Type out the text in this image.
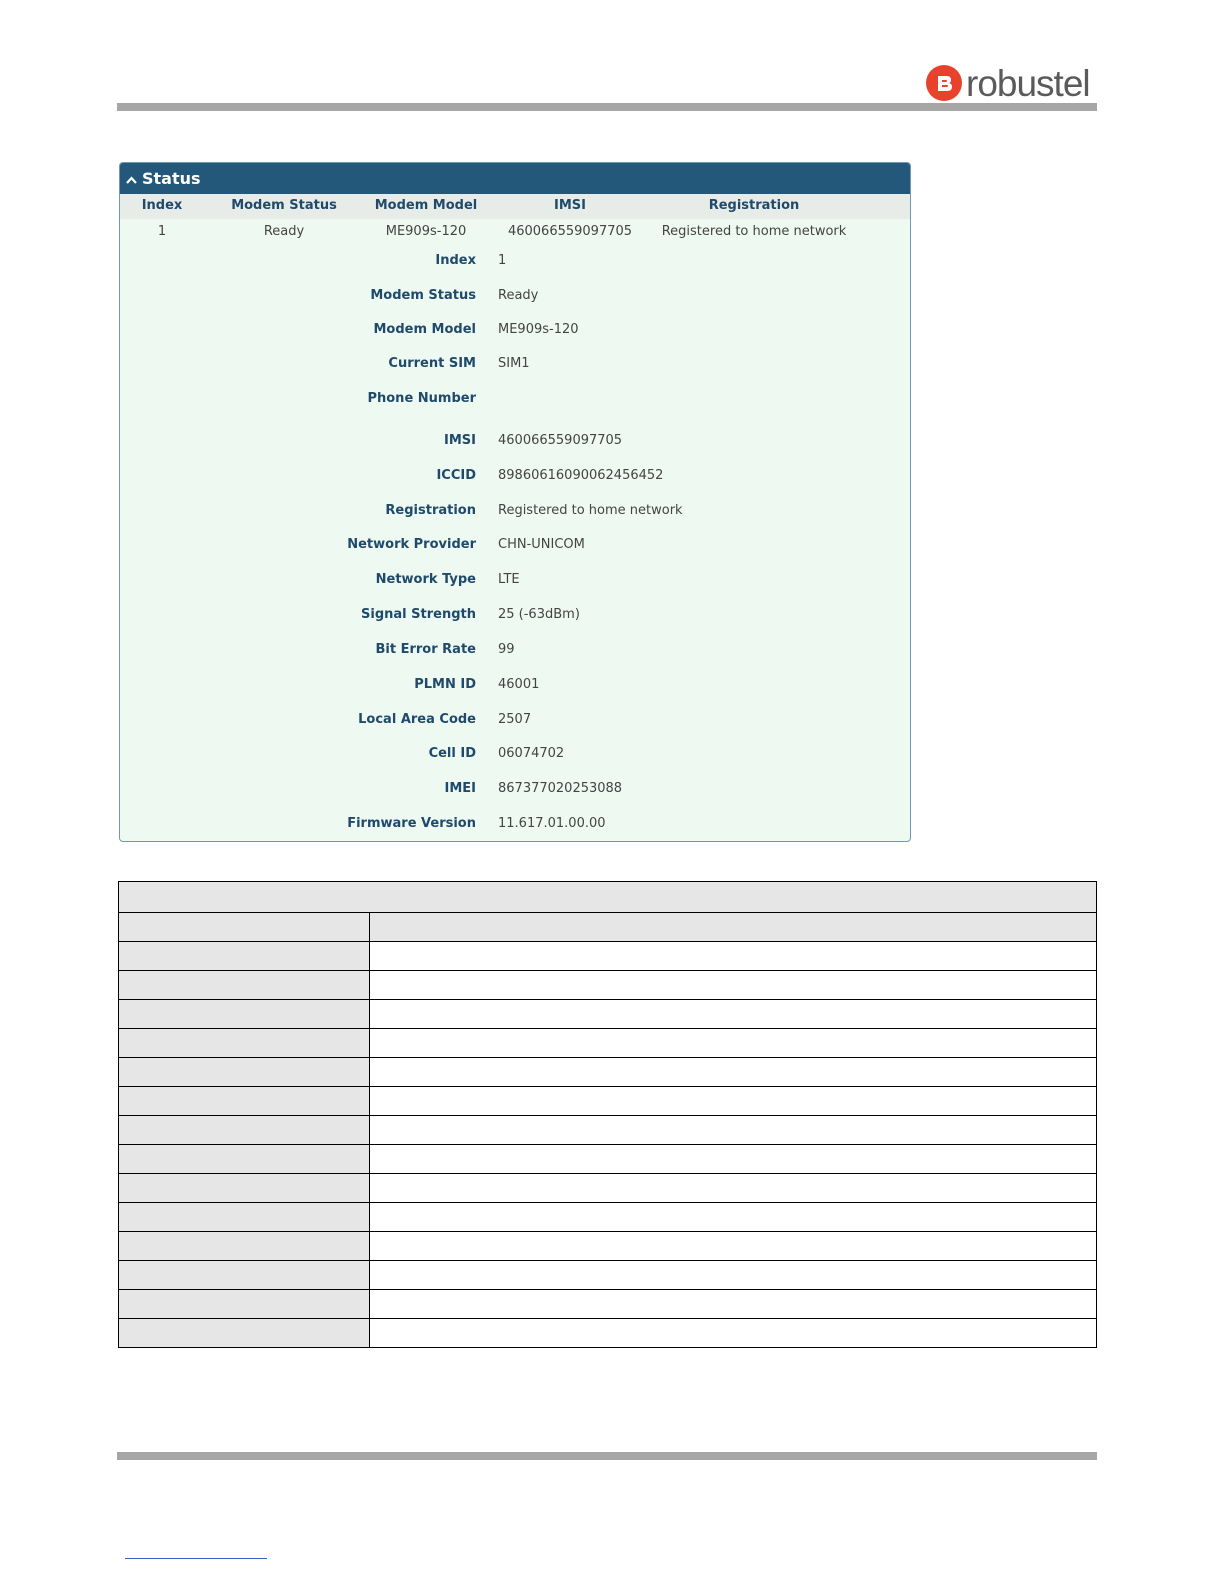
robustel
Status
Index	Modem Status	Modem Model	IMSI	Registration
1	Ready	ME909s-120	460066559097705 Registered to home network
Index 1
Modem Status Ready
Modem Model ME909s-120
Current SIM SIM1
Phone Number
IMSI 460066559097705
ICCID 89860616090062456452
Registration Registered to home network
Network Provider CHN-UNICOM
Network Type LTE
Signal Strength 25 (-63dBm)
Bit Error Rate 99
PLMN ID 46001
Local Area Code 2507
Cell ID 06074702
IMEI 867377020253088
Firmware Version 11.617.01.00.00
